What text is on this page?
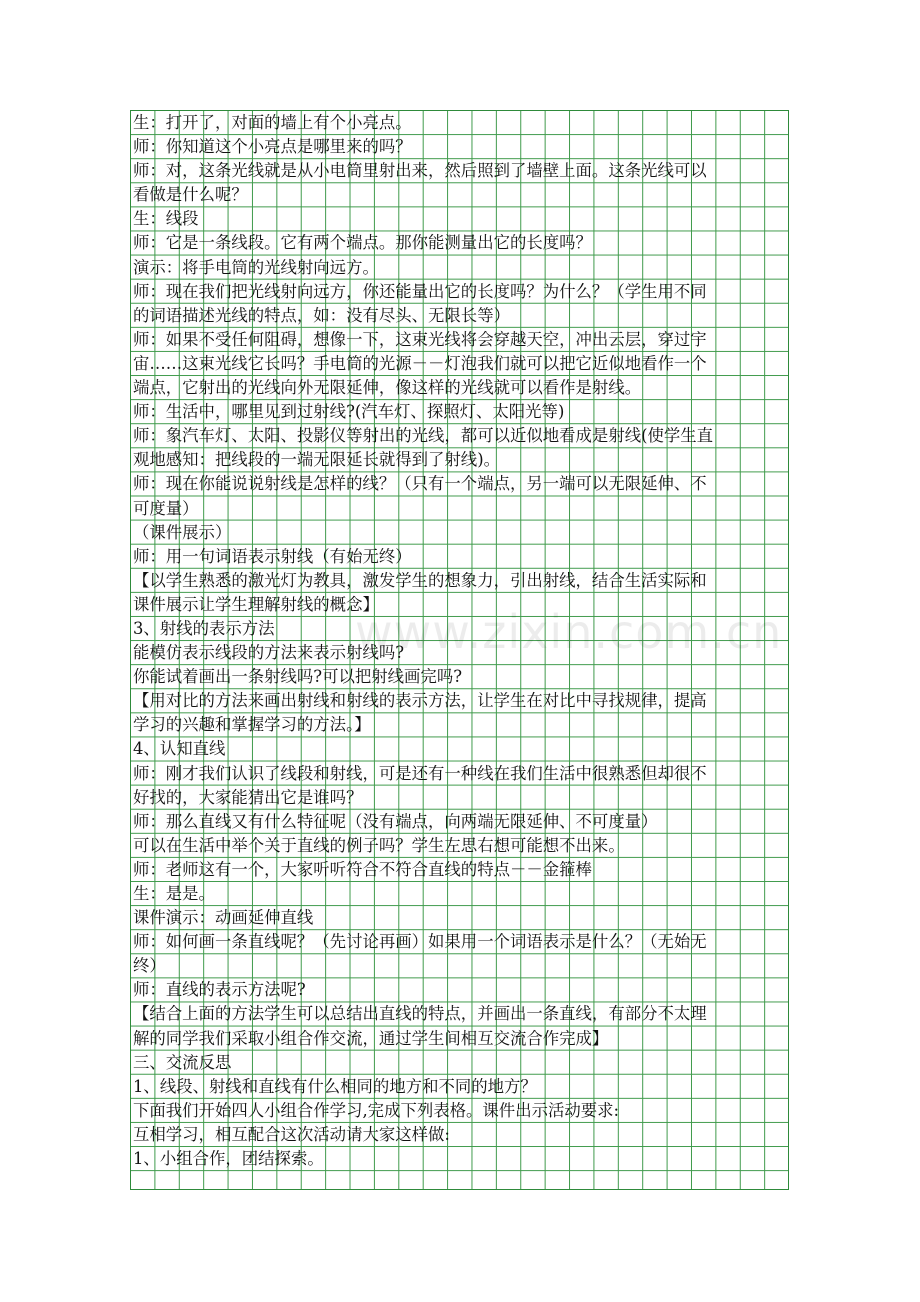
生：打开了，对面的墙上有个小亮点。
师：你知道这个小亮点是哪里来的吗？
师：对，这条光线就是从小电筒里射出来，然后照到了墙壁上面。这条光线可以
看做是什么呢？
生：线段
师：它是一条线段。它有两个端点。那你能测量出它的长度吗？
演示：将手电筒的光线射向远方。
师：现在我们把光线射向远方，你还能量出它的长度吗？为什么？（学生用不同
的词语描述光线的特点，如：没有尽头、无限长等）
师：如果不受任何阻碍，想像一下，这束光线将会穿越天空，冲出云层，穿过宇
宙……这束光线它长吗？手电筒的光源－－灯泡我们就可以把它近似地看作一个
端点，它射出的光线向外无限延伸，像这样的光线就可以看作是射线。
师：生活中，哪里见到过射线?(汽车灯、探照灯、太阳光等)
师：象汽车灯、太阳、投影仪等射出的光线，都可以近似地看成是射线(使学生直
观地感知：把线段的一端无限延长就得到了射线)。
师：现在你能说说射线是怎样的线？（只有一个端点，另一端可以无限延伸、不
可度量）
（课件展示）
师：用一句词语表示射线（有始无终）
【以学生熟悉的激光灯为教具，激发学生的想象力，引出射线，结合生活实际和
课件展示让学生理解射线的概念】
3、射线的表示方法
能模仿表示线段的方法来表示射线吗?
你能试着画出一条射线吗?可以把射线画完吗?
【用对比的方法来画出射线和射线的表示方法，让学生在对比中寻找规律，提高
学习的兴趣和掌握学习的方法。】
4、认知直线
师：刚才我们认识了线段和射线，可是还有一种线在我们生活中很熟悉但却很不
好找的，大家能猜出它是谁吗？
师：那么直线又有什么特征呢（没有端点，向两端无限延伸、不可度量）
可以在生活中举个关于直线的例子吗？学生左思右想可能想不出来。
师：老师这有一个，大家听听符合不符合直线的特点－－金箍棒
生：是是。
课件演示：动画延伸直线
师：如何画一条直线呢？（先讨论再画）如果用一个词语表示是什么？（无始无
终）
师：直线的表示方法呢?
【结合上面的方法学生可以总结出直线的特点，并画出一条直线，有部分不太理
解的同学我们采取小组合作交流，通过学生间相互交流合作完成】
三、交流反思
1、线段、射线和直线有什么相同的地方和不同的地方？
下面我们开始四人小组合作学习,完成下列表格。课件出示活动要求:
互相学习，相互配合这次活动请大家这样做:
1、小组合作，团结探索。
